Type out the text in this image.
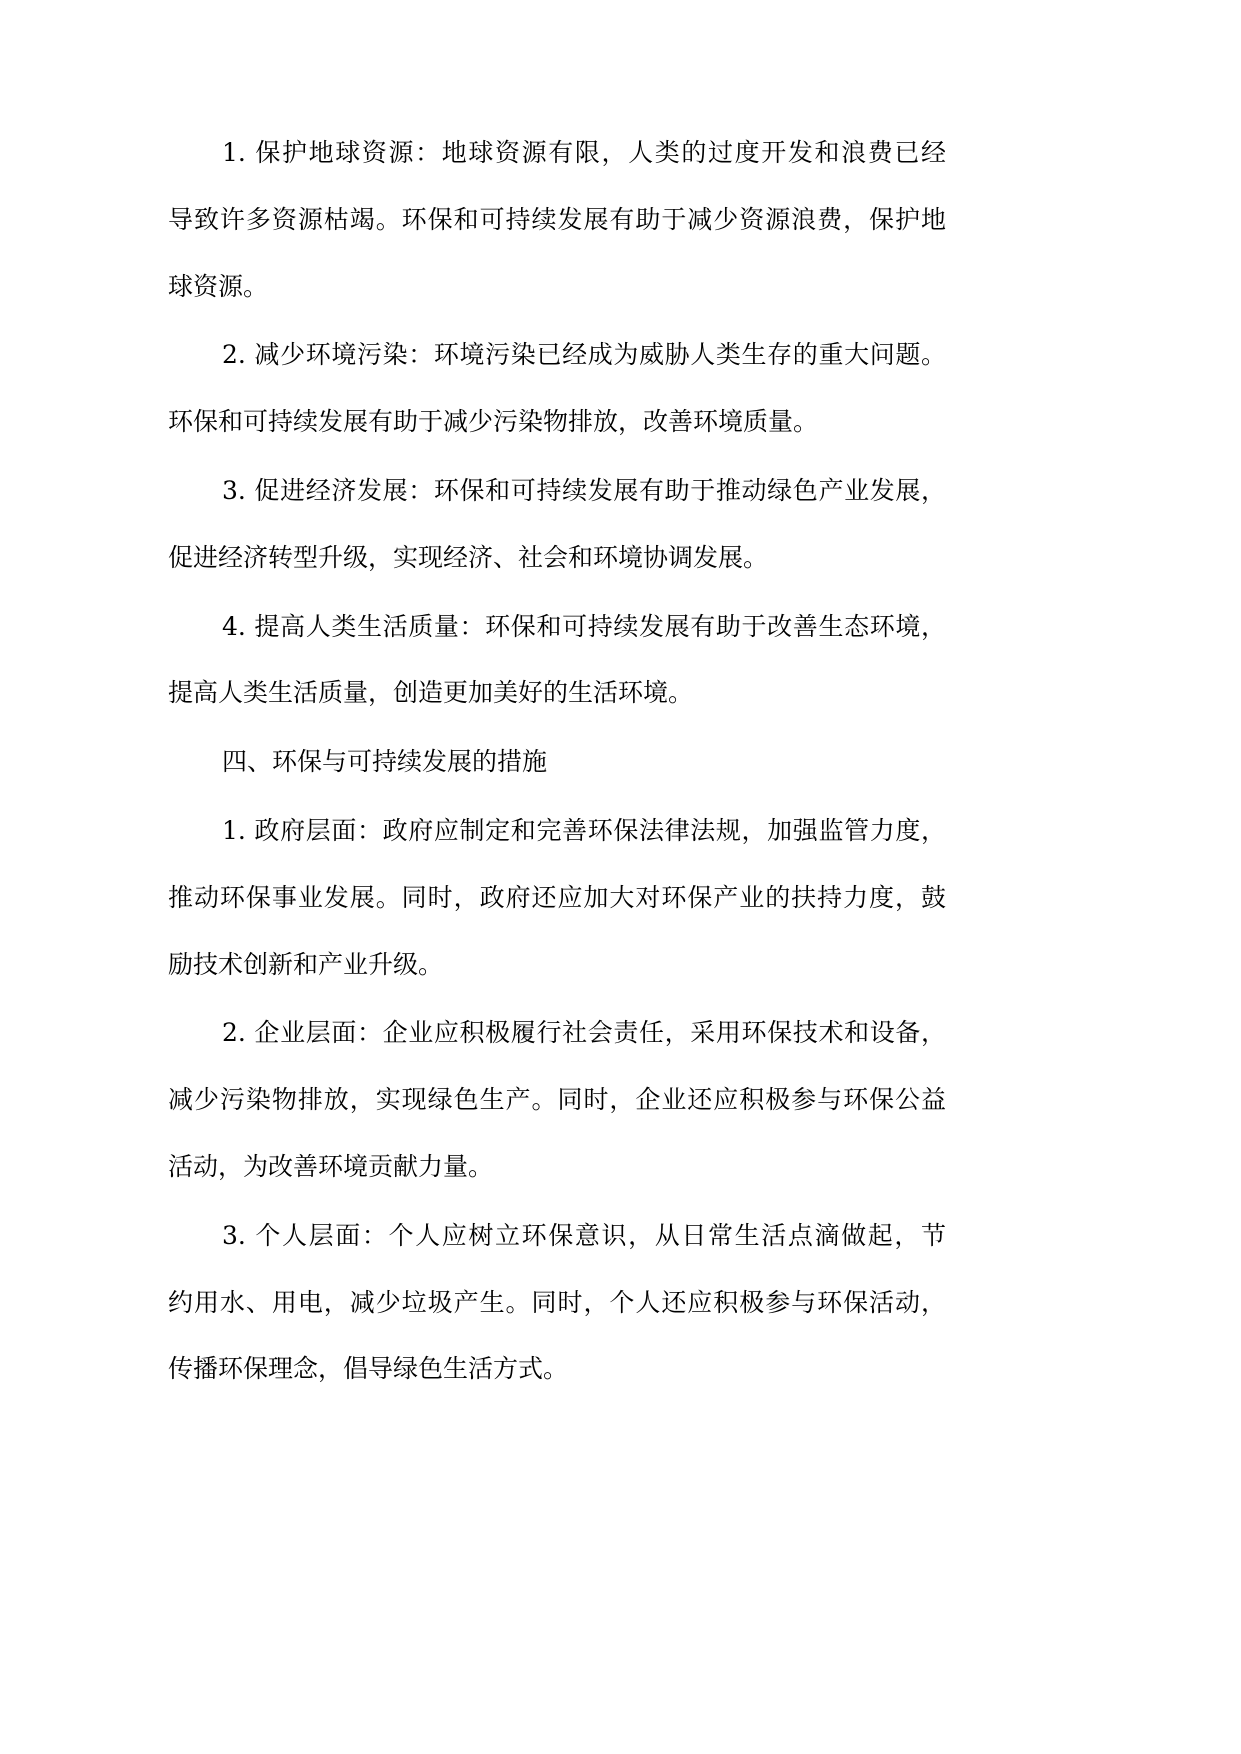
1. 保护地球资源：地球资源有限，人类的过度开发和浪费已经
导致许多资源枯竭。环保和可持续发展有助于减少资源浪费，保护地
球资源。
2. 减少环境污染：环境污染已经成为威胁人类生存的重大问题。
环保和可持续发展有助于减少污染物排放，改善环境质量。
3. 促进经济发展：环保和可持续发展有助于推动绿色产业发展，
促进经济转型升级，实现经济、社会和环境协调发展。
4. 提高人类生活质量：环保和可持续发展有助于改善生态环境，
提高人类生活质量，创造更加美好的生活环境。
四、环保与可持续发展的措施
1. 政府层面：政府应制定和完善环保法律法规，加强监管力度，
推动环保事业发展。同时，政府还应加大对环保产业的扶持力度，鼓
励技术创新和产业升级。
2. 企业层面：企业应积极履行社会责任，采用环保技术和设备，
减少污染物排放，实现绿色生产。同时，企业还应积极参与环保公益
活动，为改善环境贡献力量。
3. 个人层面：个人应树立环保意识，从日常生活点滴做起，节
约用水、用电，减少垃圾产生。同时，个人还应积极参与环保活动，
传播环保理念，倡导绿色生活方式。
